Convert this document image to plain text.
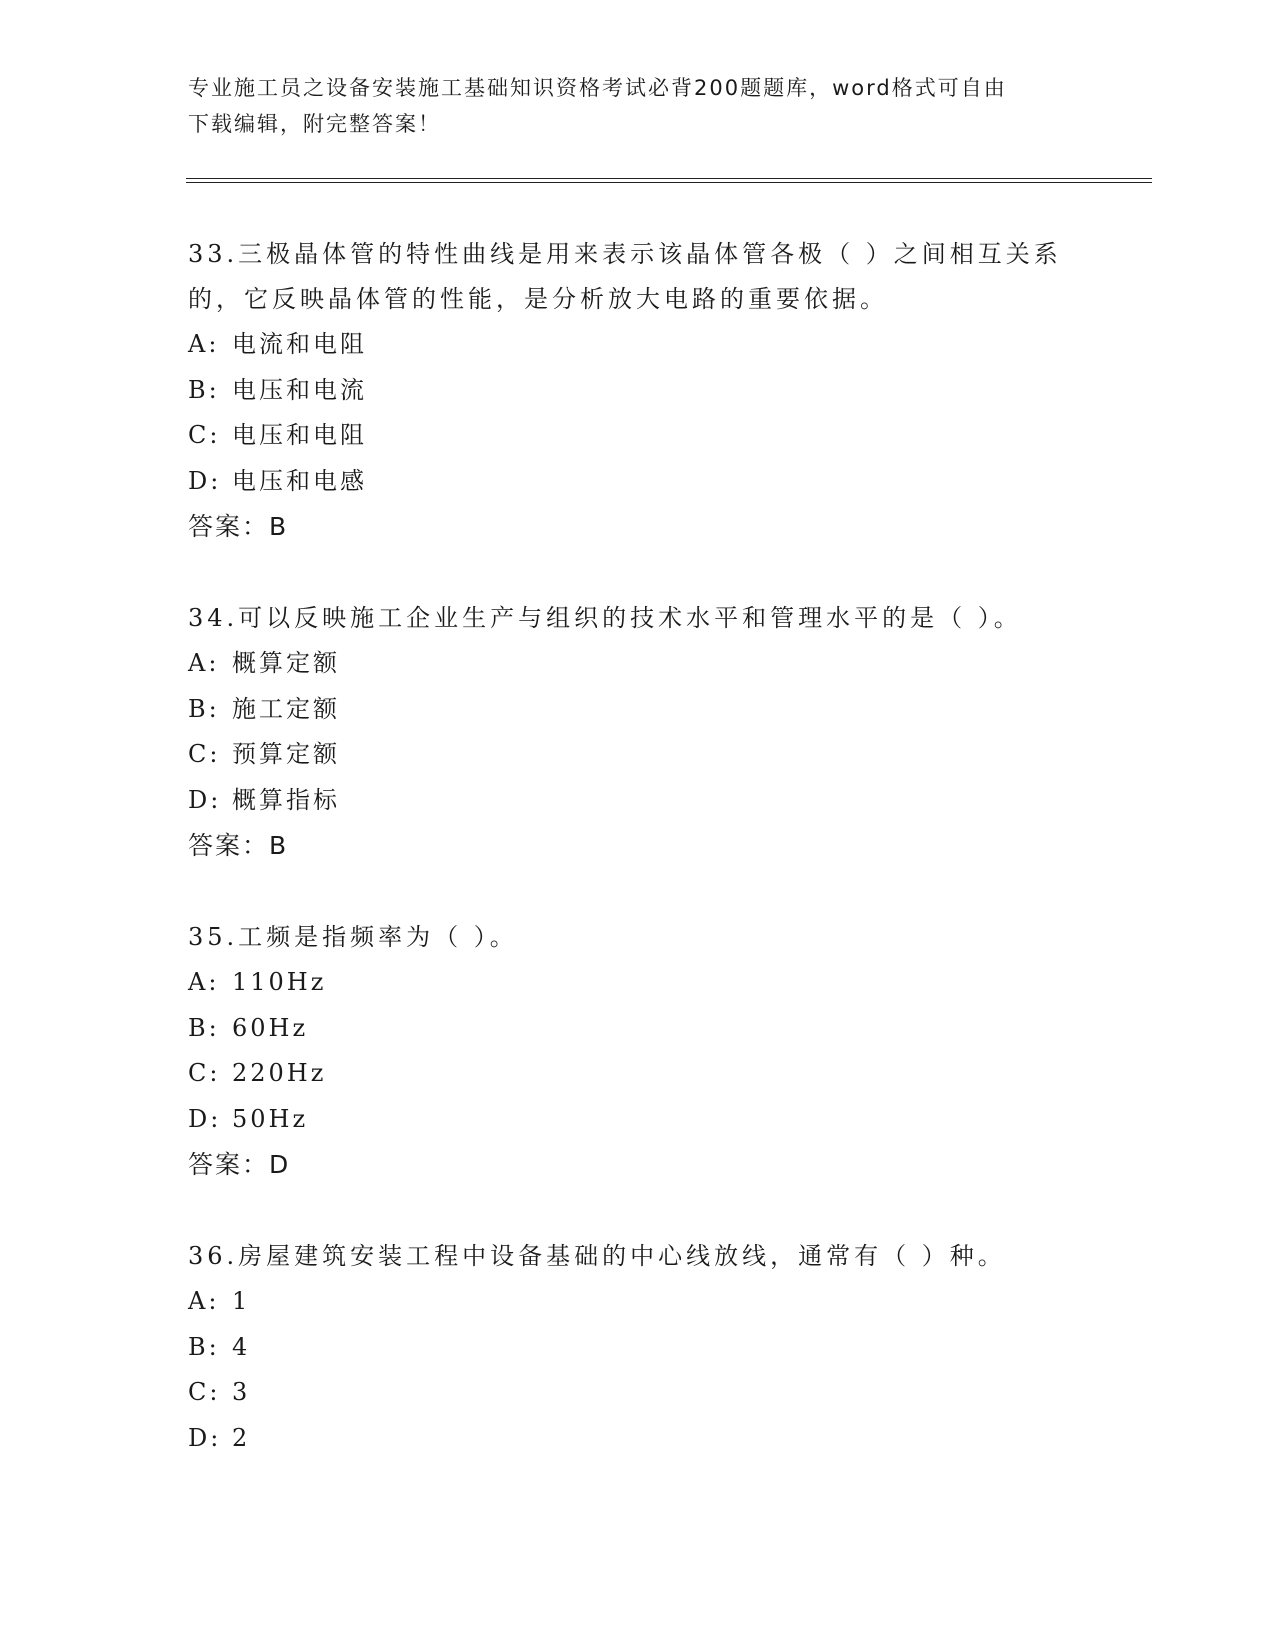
专业施工员之设备安装施工基础知识资格考试必背200题题库，word格式可自由
下载编辑，附完整答案！

33.三极晶体管的特性曲线是用来表示该晶体管各极（ ）之间相互关系的，它反映晶体管的性能，是分析放大电路的重要依据。

A: 电流和电阻
B: 电压和电流
C: 电压和电阻
D: 电压和电感
答案：B

34.可以反映施工企业生产与组织的技术水平和管理水平的是（ ）。

A: 概算定额
B: 施工定额
C: 预算定额
D: 概算指标
答案：B

35.工频是指频率为（ ）。

A: 110Hz
B: 60Hz
C: 220Hz
D: 50Hz
答案：D

36.房屋建筑安装工程中设备基础的中心线放线，通常有（ ）种。

A: 1
B: 4
C: 3
D: 2
